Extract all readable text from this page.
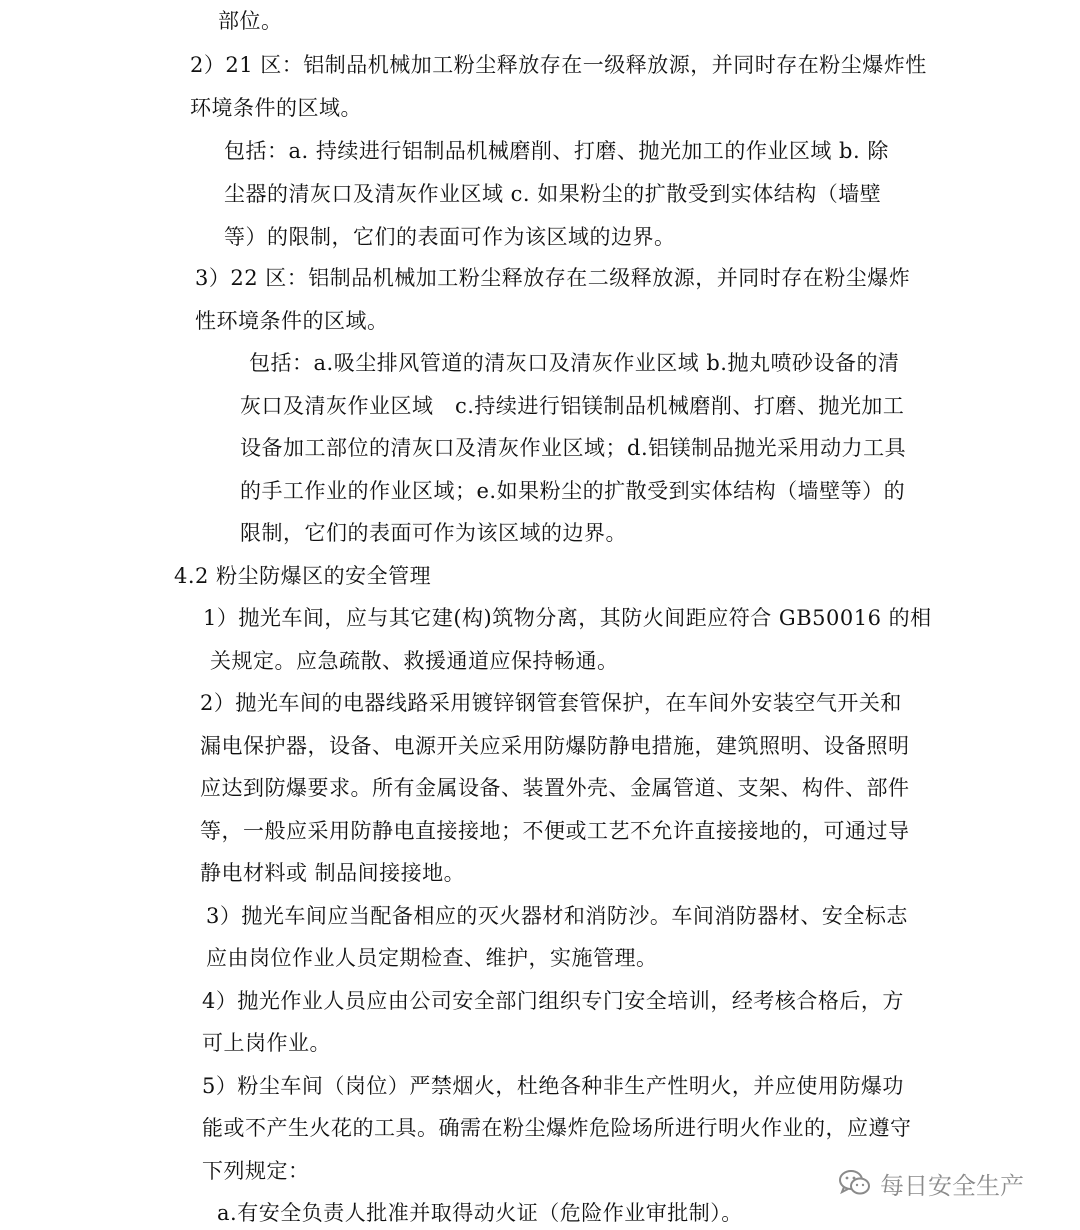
部位。
2）21 区：铝制品机械加工粉尘释放存在一级释放源，并同时存在粉尘爆炸性
环境条件的区域。
包括：a. 持续进行铝制品机械磨削、打磨、抛光加工的作业区域 b. 除
尘器的清灰口及清灰作业区域 c. 如果粉尘的扩散受到实体结构（墙壁
等）的限制，它们的表面可作为该区域的边界。
3）22 区：铝制品机械加工粉尘释放存在二级释放源，并同时存在粉尘爆炸
性环境条件的区域。
包括：a.吸尘排风管道的清灰口及清灰作业区域 b.抛丸喷砂设备的清
灰口及清灰作业区域　c.持续进行铝镁制品机械磨削、打磨、抛光加工
设备加工部位的清灰口及清灰作业区域；d.铝镁制品抛光采用动力工具
的手工作业的作业区域；e.如果粉尘的扩散受到实体结构（墙壁等）的
限制，它们的表面可作为该区域的边界。
4.2 粉尘防爆区的安全管理
1）抛光车间，应与其它建(构)筑物分离，其防火间距应符合 GB50016 的相
关规定。应急疏散、救援通道应保持畅通。
2）抛光车间的电器线路采用镀锌钢管套管保护，在车间外安装空气开关和
漏电保护器，设备、电源开关应采用防爆防静电措施，建筑照明、设备照明
应达到防爆要求。所有金属设备、装置外壳、金属管道、支架、构件、部件
等，一般应采用防静电直接接地；不便或工艺不允许直接接地的，可通过导
静电材料或 制品间接接地。
3）抛光车间应当配备相应的灭火器材和消防沙。车间消防器材、安全标志
应由岗位作业人员定期检查、维护，实施管理。
4）抛光作业人员应由公司安全部门组织专门安全培训，经考核合格后，方
可上岗作业。
5）粉尘车间（岗位）严禁烟火，杜绝各种非生产性明火，并应使用防爆功
能或不产生火花的工具。确需在粉尘爆炸危险场所进行明火作业的，应遵守
下列规定：
a.有安全负责人批准并取得动火证（危险作业审批制）。
每日安全生产
